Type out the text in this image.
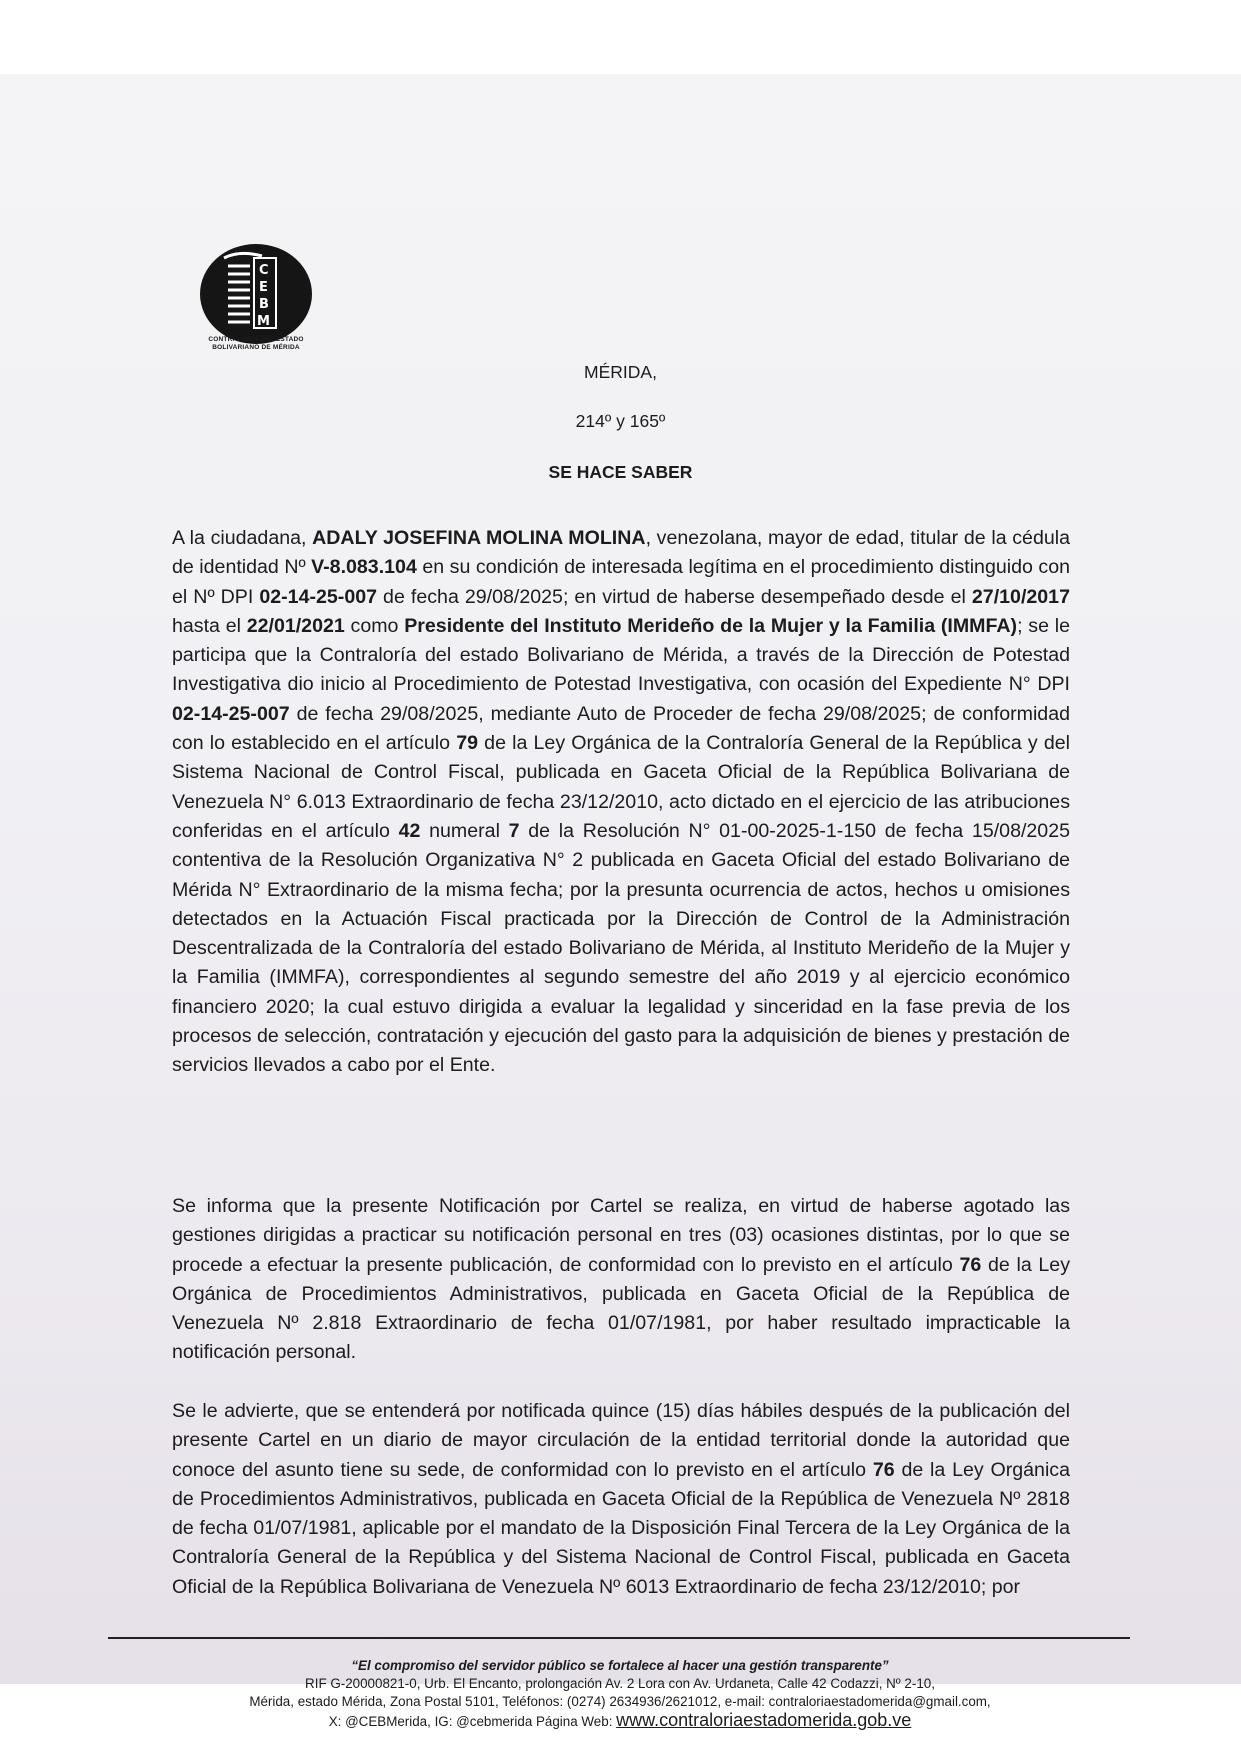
C
E
B
M
CONTRALORÍA DEL ESTADO
BOLIVARIANO DE MÉRIDA
MÉRIDA,
214º y 165º
SE HACE SABER

A la ciudadana, ADALY JOSEFINA MOLINA MOLINA, venezolana, mayor de edad, titular de la cédula de identidad Nº V-8.083.104 en su condición de interesada legítima en el procedimiento distinguido con el Nº DPI 02-14-25-007 de fecha 29/08/2025; en virtud de haberse desempeñado desde el 27/10/2017 hasta el 22/01/2021 como Presidente del Instituto Merideño de la Mujer y la Familia (IMMFA); se le participa que la Contraloría del estado Bolivariano de Mérida, a través de la Dirección de Potestad Investigativa dio inicio al Procedimiento de Potestad Investigativa, con ocasión del Expediente N° DPI 02-14-25-007 de fecha 29/08/2025, mediante Auto de Proceder de fecha 29/08/2025; de conformidad con lo establecido en el artículo 79 de la Ley Orgánica de la Contraloría General de la República y del Sistema Nacional de Control Fiscal, publicada en Gaceta Oficial de la República Bolivariana de Venezuela N° 6.013 Extraordinario de fecha 23/12/2010, acto dictado en el ejercicio de las atribuciones conferidas en el artículo 42 numeral 7 de la Resolución N° 01-00-2025-1-150 de fecha 15/08/2025 contentiva de la Resolución Organizativa N° 2 publicada en Gaceta Oficial del estado Bolivariano de Mérida N° Extraordinario de la misma fecha; por la presunta ocurrencia de actos, hechos u omisiones detectados en la Actuación Fiscal practicada por la Dirección de Control de la Administración Descentralizada de la Contraloría del estado Bolivariano de Mérida, al Instituto Merideño de la Mujer y la Familia (IMMFA), correspondientes al segundo semestre del año 2019 y al ejercicio económico financiero 2020; la cual estuvo dirigida a evaluar la legalidad y sinceridad en la fase previa de los procesos de selección, contratación y ejecución del gasto para la adquisición de bienes y prestación de servicios llevados a cabo por el Ente.

Se informa que la presente Notificación por Cartel se realiza, en virtud de haberse agotado las gestiones dirigidas a practicar su notificación personal en tres (03) ocasiones distintas, por lo que se procede a efectuar la presente publicación, de conformidad con lo previsto en el artículo 76 de la Ley Orgánica de Procedimientos Administrativos, publicada en Gaceta Oficial de la República de Venezuela Nº 2.818 Extraordinario de fecha 01/07/1981, por haber resultado impracticable la notificación personal.

Se le advierte, que se entenderá por notificada quince (15) días hábiles después de la publicación del presente Cartel en un diario de mayor circulación de la entidad territorial donde la autoridad que conoce del asunto tiene su sede, de conformidad con lo previsto en el artículo 76 de la Ley Orgánica de Procedimientos Administrativos, publicada en Gaceta Oficial de la República de Venezuela Nº 2818 de fecha 01/07/1981, aplicable por el mandato de la Disposición Final Tercera de la Ley Orgánica de la Contraloría General de la República y del Sistema Nacional de Control Fiscal, publicada en Gaceta Oficial de la República Bolivariana de Venezuela Nº 6013 Extraordinario de fecha 23/12/2010; por

“El compromiso del servidor público se fortalece al hacer una gestión transparente”
RIF G-20000821-0, Urb. El Encanto, prolongación Av. 2 Lora con Av. Urdaneta, Calle 42 Codazzi, Nº 2-10,
Mérida, estado Mérida, Zona Postal 5101, Teléfonos: (0274) 2634936/2621012, e-mail: contraloriaestadomerida@gmail.com,
X: @CEBMerida, IG: @cebmerida Página Web: www.contraloriaestadomerida.gob.ve
